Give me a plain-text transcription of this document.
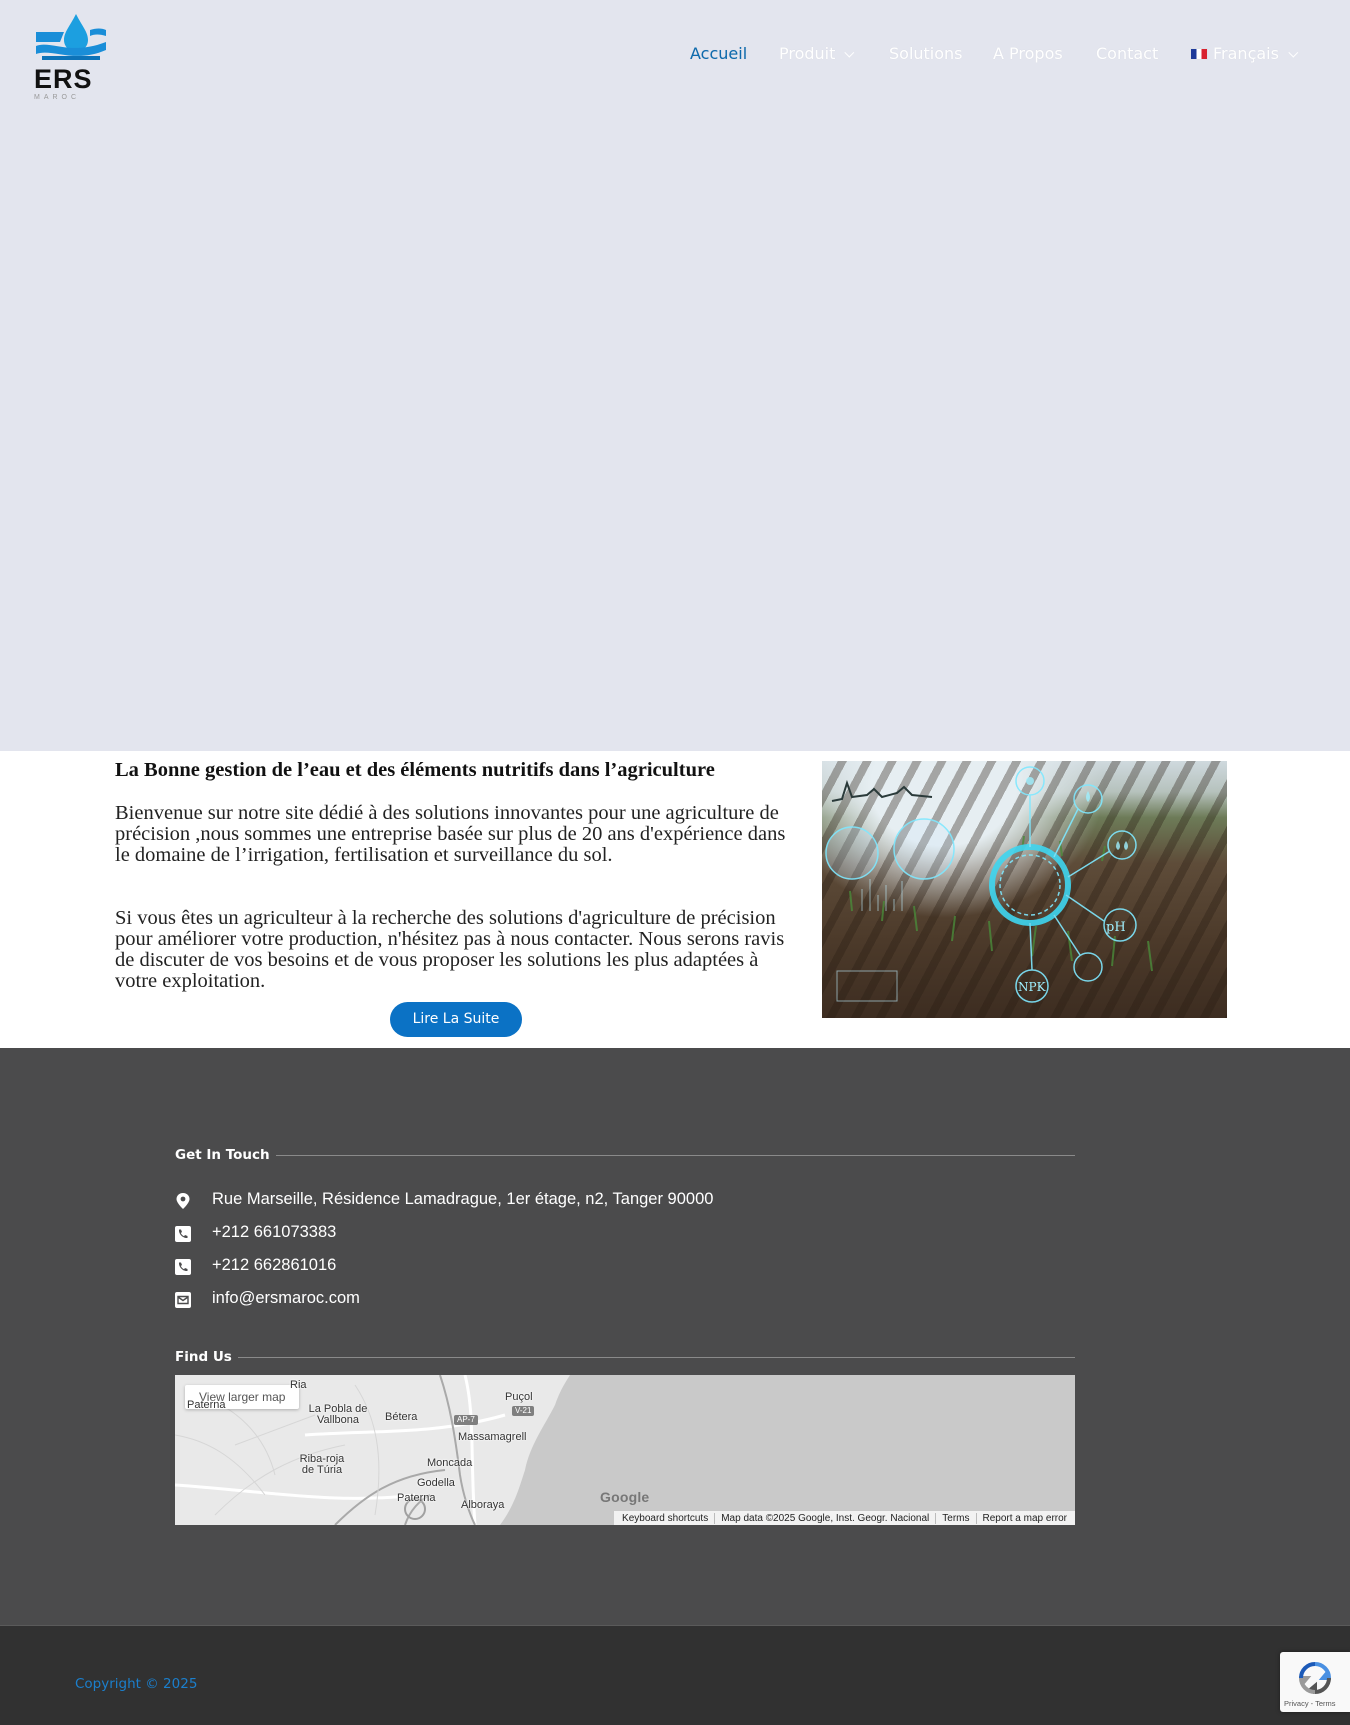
ERS
MAROC
Accueil Produit	Solutions A Propos Contact	Français
La Bonne gestion de l’eau et des éléments nutritifs dans l’agriculture

Bienvenue sur notre site dédié à des solutions innovantes pour une agriculture de précision ,nous sommes une entreprise basée sur plus de 20 ans d'expérience dans le domaine de l’irrigation, fertilisation et surveillance du sol.

Si vous êtes un agriculteur à la recherche des solutions d'agriculture de précision pour améliorer votre production, n'hésitez pas à nous contacter. Nous serons ravis de discuter de vos besoins et de vous proposer les solutions les plus adaptées à votre exploitation.

Lire La Suite
pH
NPK
Get In Touch
Rue Marseille, Résidence Lamadrague, 1er étage, n2, Tanger 90000
+212 661073383
+212 662861016
info@ersmaroc.com
Find Us
View larger map
Ria
Paterna	La Pobla de Vallbona	Bétera
Puçol
V-21
AP-7
Massamagrell
Riba-roja de Túria
Moncada
Godella
Paterna
Alboraya	Google
Keyboard shortcuts	Map data ©2025 Google, Inst. Geogr. Nacional	Terms	Report a map error
Copyright © 2025
Privacy - Terms
